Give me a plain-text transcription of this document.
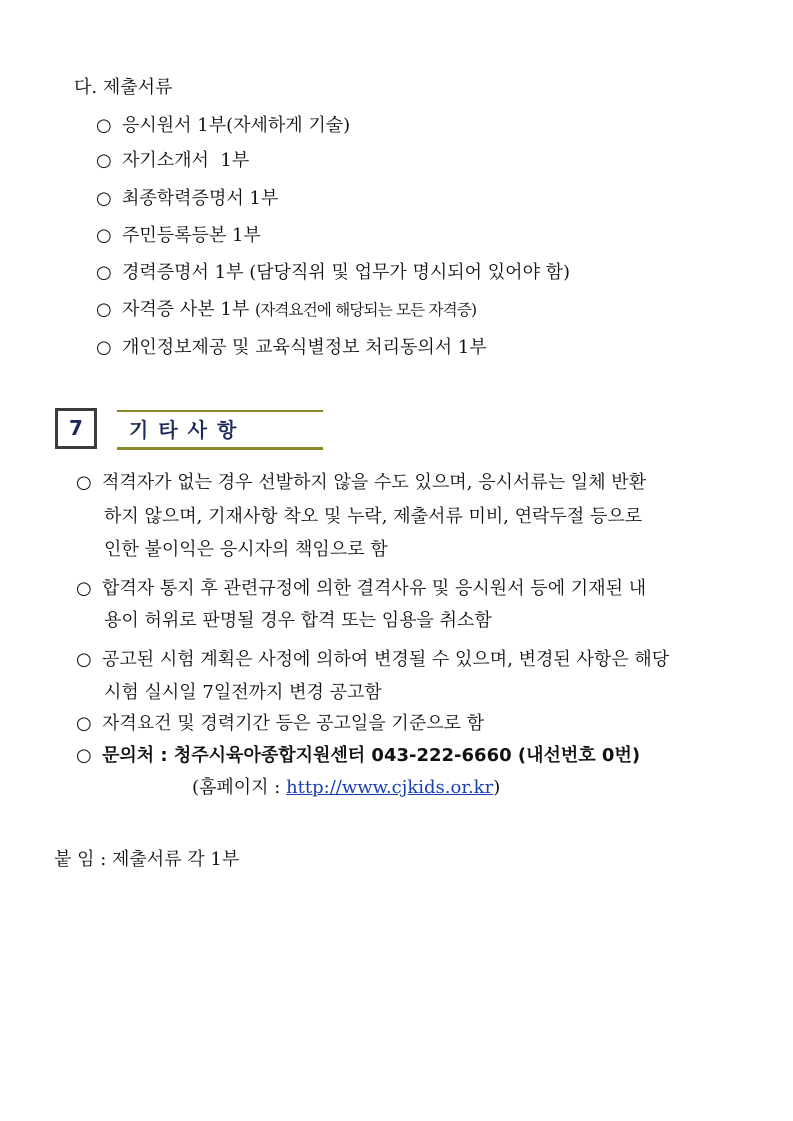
다. 제출서류
○ 응시원서 1부(자세하게 기술)
○ 자기소개서  1부
○ 최종학력증명서 1부
○ 주민등록등본 1부
○ 경력증명서 1부 (담당직위 및 업무가 명시되어 있어야 함)
○ 자격증 사본 1부 (자격요건에 해당되는 모든 자격증)
○ 개인정보제공 및 교육식별정보 처리동의서 1부
7	기타사항
○ 적격자가 없는 경우 선발하지 않을 수도 있으며, 응시서류는 일체 반환
하지 않으며, 기재사항 착오 및 누락, 제출서류 미비, 연락두절 등으로
인한 불이익은 응시자의 책임으로 함
○ 합격자 통지 후 관련규정에 의한 결격사유 및 응시원서 등에 기재된 내
용이 허위로 판명될 경우 합격 또는 임용을 취소함
○ 공고된 시험 계획은 사정에 의하여 변경될 수 있으며, 변경된 사항은 해당
시험 실시일 7일전까지 변경 공고함
○ 자격요건 및 경력기간 등은 공고일을 기준으로 함
○ 문의처 : 청주시육아종합지원센터 043-222-6660 (내선번호 0번)
(홈페이지 : http://www.cjkids.or.kr)
붙 임 : 제출서류 각 1부
